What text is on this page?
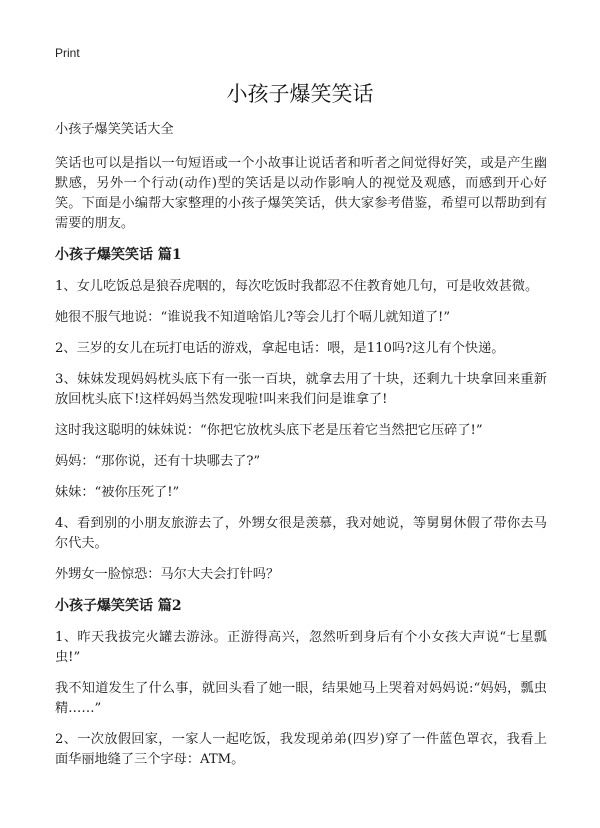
Print
小孩子爆笑笑话

小孩子爆笑笑话大全

笑话也可以是指以一句短语或一个小故事让说话者和听者之间觉得好笑，或是产生幽默感，另外一个行动(动作)型的笑话是以动作影响人的视觉及观感，而感到开心好笑。下面是小编帮大家整理的小孩子爆笑笑话，供大家参考借鉴，希望可以帮助到有需要的朋友。

小孩子爆笑笑话 篇1

1、女儿吃饭总是狼吞虎咽的，每次吃饭时我都忍不住教育她几句，可是收效甚微。

她很不服气地说：“谁说我不知道啥馅儿?等会儿打个嗝儿就知道了!”

2、三岁的女儿在玩打电话的游戏，拿起电话：喂，是110吗?这儿有个快递。

3、妹妹发现妈妈枕头底下有一张一百块，就拿去用了十块，还剩九十块拿回来重新放回枕头底下!这样妈妈当然发现啦!叫来我们问是谁拿了!

这时我这聪明的妹妹说：“你把它放枕头底下老是压着它当然把它压碎了!”

妈妈：“那你说，还有十块哪去了?”

妹妹：“被你压死了!”

4、看到别的小朋友旅游去了，外甥女很是羡慕，我对她说，等舅舅休假了带你去马尔代夫。

外甥女一脸惊恐：马尔大夫会打针吗？

小孩子爆笑笑话 篇2

1、昨天我拔完火罐去游泳。正游得高兴，忽然听到身后有个小女孩大声说“七星瓢虫!”

我不知道发生了什么事，就回头看了她一眼，结果她马上哭着对妈妈说:“妈妈，瓢虫精……”

2、一次放假回家，一家人一起吃饭，我发现弟弟(四岁)穿了一件蓝色罩衣，我看上面华丽地缝了三个字母：ATM。
